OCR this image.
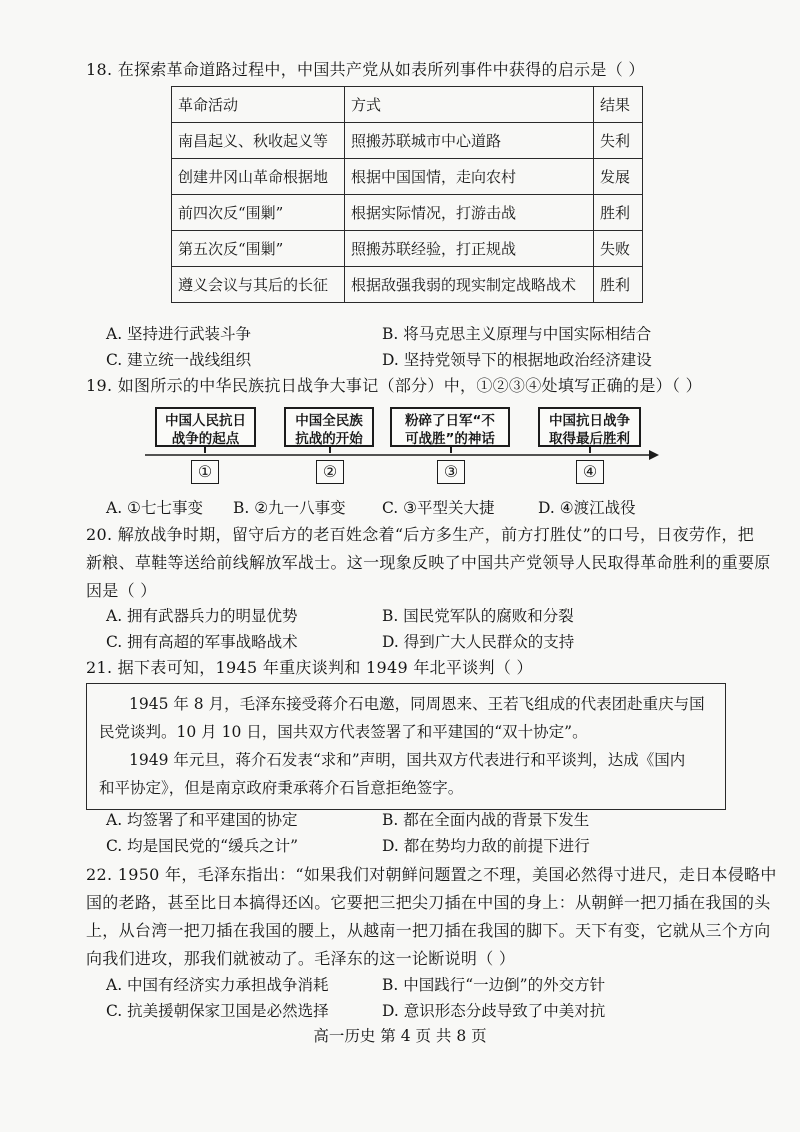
18. 在探索革命道路过程中，中国共产党从如表所列事件中获得的启示是（ ）
革命活动	方式	结果
南昌起义、秋收起义等	照搬苏联城市中心道路	失利
创建井冈山革命根据地	根据中国国情，走向农村	发展
前四次反“围剿”	根据实际情况，打游击战	胜利
第五次反“围剿”	照搬苏联经验，打正规战	失败
遵义会议与其后的长征	根据敌强我弱的现实制定战略战术	胜利
A. 坚持进行武装斗争	B. 将马克思主义原理与中国实际相结合
C. 建立统一战线组织	D. 坚持党领导下的根据地政治经济建设
19. 如图所示的中华民族抗日战争大事记（部分）中，①②③④处填写正确的是）（ ）
中国人民抗日
战争的起点
中国全民族
抗战的开始
粉碎了日军“不
可战胜”的神话
中国抗日战争
取得最后胜利
①	②	③	④
A. ①七七事变 B. ②九一八事变 C. ③平型关大捷	D. ④渡江战役
20. 解放战争时期，留守后方的老百姓念着“后方多生产，前方打胜仗”的口号，日夜劳作，把
新粮、草鞋等送给前线解放军战士。这一现象反映了中国共产党领导人民取得革命胜利的重要原
因是（ ）
A. 拥有武器兵力的明显优势	B. 国民党军队的腐败和分裂
C. 拥有高超的军事战略战术	D. 得到广大人民群众的支持
21. 据下表可知，1945 年重庆谈判和 1949 年北平谈判（ ）

1945 年 8 月，毛泽东接受蒋介石电邀，同周恩来、王若飞组成的代表团赴重庆与国

民党谈判。10 月 10 日，国共双方代表签署了和平建国的“双十协定”。

1949 年元旦，蒋介石发表“求和”声明，国共双方代表进行和平谈判，达成《国内

和平协定》，但是南京政府秉承蒋介石旨意拒绝签字。

A. 均签署了和平建国的协定	B. 都在全面内战的背景下发生
C. 均是国民党的“缓兵之计”	D. 都在势均力敌的前提下进行
22. 1950 年，毛泽东指出：“如果我们对朝鲜问题置之不理，美国必然得寸进尺，走日本侵略中
国的老路，甚至比日本搞得还凶。它要把三把尖刀插在中国的身上：从朝鲜一把刀插在我国的头
上，从台湾一把刀插在我国的腰上，从越南一把刀插在我国的脚下。天下有变，它就从三个方向
向我们进攻，那我们就被动了。毛泽东的这一论断说明（ ）
A. 中国有经济实力承担战争消耗	B. 中国践行“一边倒”的外交方针
C. 抗美援朝保家卫国是必然选择	D. 意识形态分歧导致了中美对抗
高一历史 第 4 页 共 8 页
